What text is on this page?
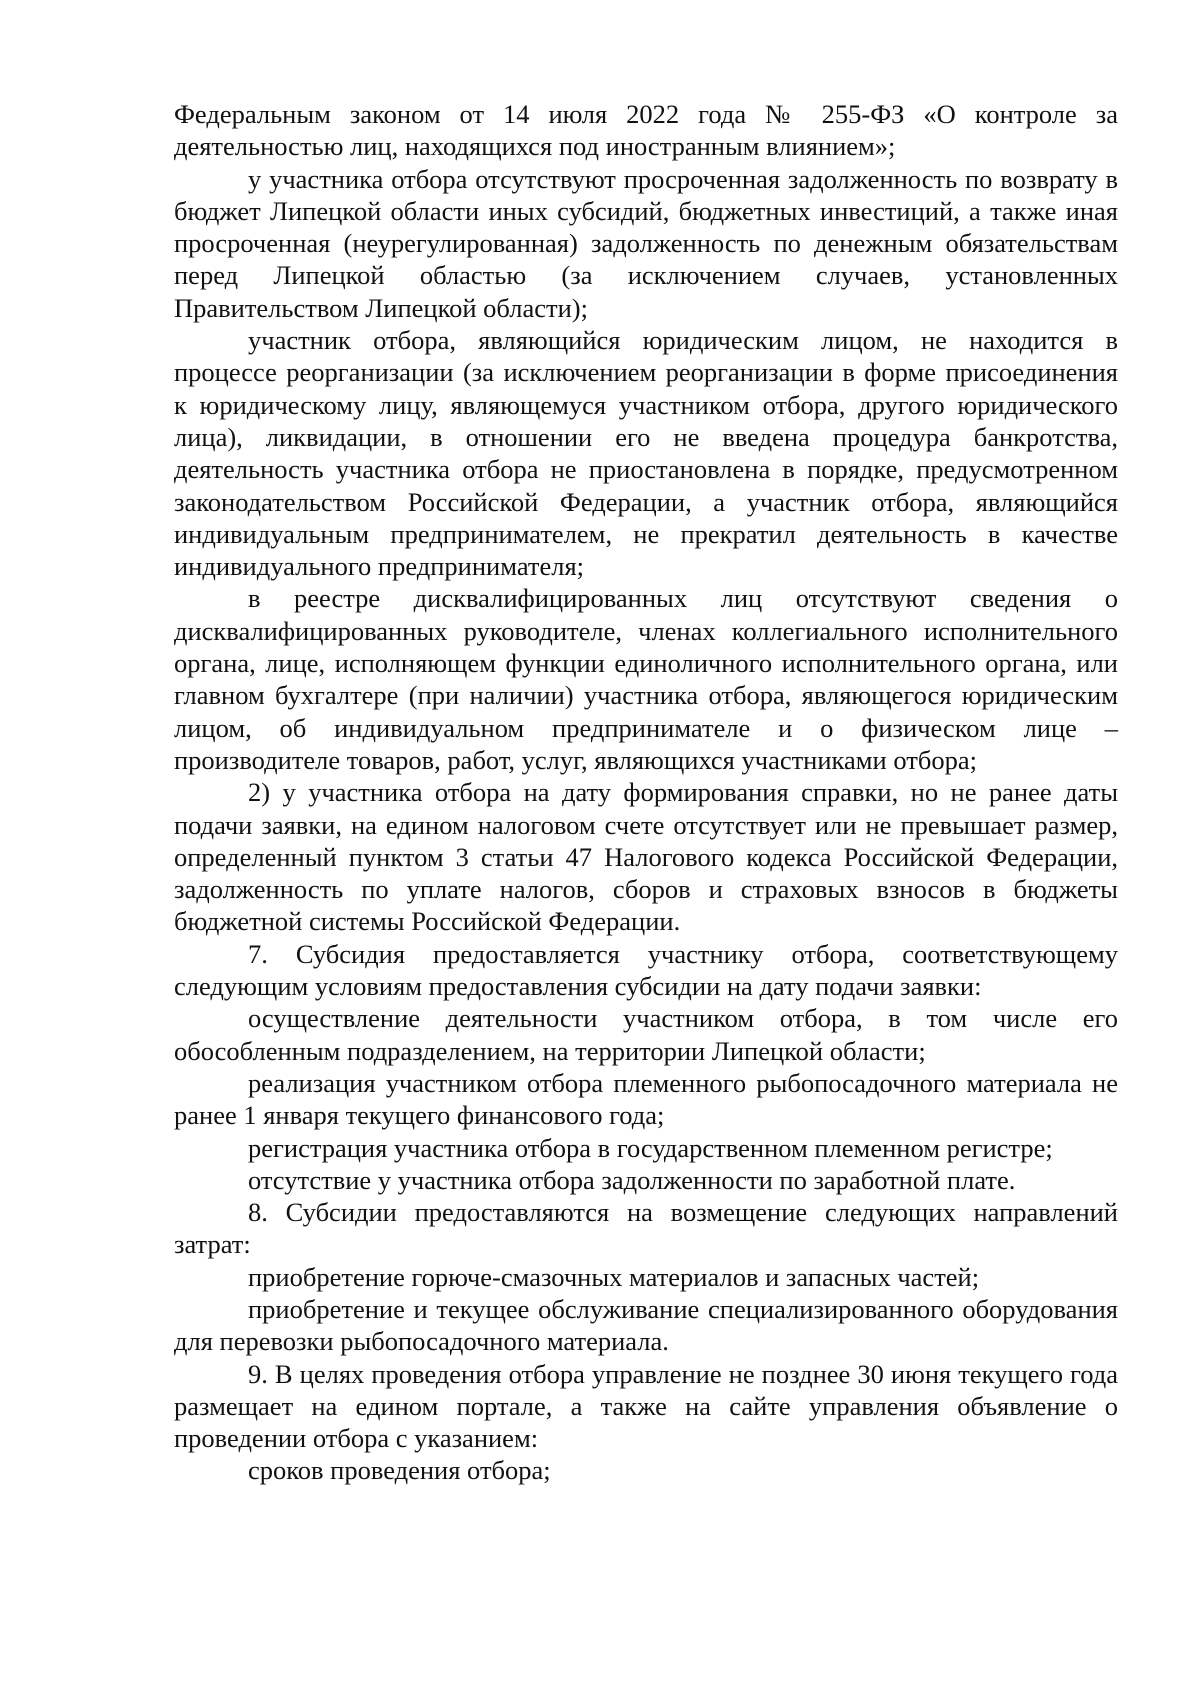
Федеральным законом от 14 июля 2022 года № 255-ФЗ «О контроле за деятельностью лиц, находящихся под иностранным влиянием»;

у участника отбора отсутствуют просроченная задолженность по возврату в бюджет Липецкой области иных субсидий, бюджетных инвестиций, а также иная просроченная (неурегулированная) задолженность по денежным обязательствам перед Липецкой областью (за исключением случаев, установленных Правительством Липецкой области);

участник отбора, являющийся юридическим лицом, не находится в процессе реорганизации (за исключением реорганизации в форме присоединения к юридическому лицу, являющемуся участником отбора, другого юридического лица), ликвидации, в отношении его не введена процедура банкротства, деятельность участника отбора не приостановлена в порядке, предусмотренном законодательством Российской Федерации, а участник отбора, являющийся индивидуальным предпринимателем, не прекратил деятельность в качестве индивидуального предпринимателя;

в реестре дисквалифицированных лиц отсутствуют сведения о дисквалифицированных руководителе, членах коллегиального исполнительного органа, лице, исполняющем функции единоличного исполнительного органа, или главном бухгалтере (при наличии) участника отбора, являющегося юридическим лицом, об индивидуальном предпринимателе и о физическом лице – производителе товаров, работ, услуг, являющихся участниками отбора;

2) у участника отбора на дату формирования справки, но не ранее даты подачи заявки, на едином налоговом счете отсутствует или не превышает размер, определенный пунктом 3 статьи 47 Налогового кодекса Российской Федерации, задолженность по уплате налогов, сборов и страховых взносов в бюджеты бюджетной системы Российской Федерации.

7. Субсидия предоставляется участнику отбора, соответствующему следующим условиям предоставления субсидии на дату подачи заявки:

осуществление деятельности участником отбора, в том числе его обособленным подразделением, на территории Липецкой области;

реализация участником отбора племенного рыбопосадочного материала не ранее 1 января текущего финансового года;

регистрация участника отбора в государственном племенном регистре;

отсутствие у участника отбора задолженности по заработной плате.

8. Субсидии предоставляются на возмещение следующих направлений затрат:

приобретение горюче-смазочных материалов и запасных частей;

приобретение и текущее обслуживание специализированного оборудования для перевозки рыбопосадочного материала.

9. В целях проведения отбора управление не позднее 30 июня текущего года размещает на едином портале, а также на сайте управления объявление о проведении отбора с указанием:

сроков проведения отбора;
